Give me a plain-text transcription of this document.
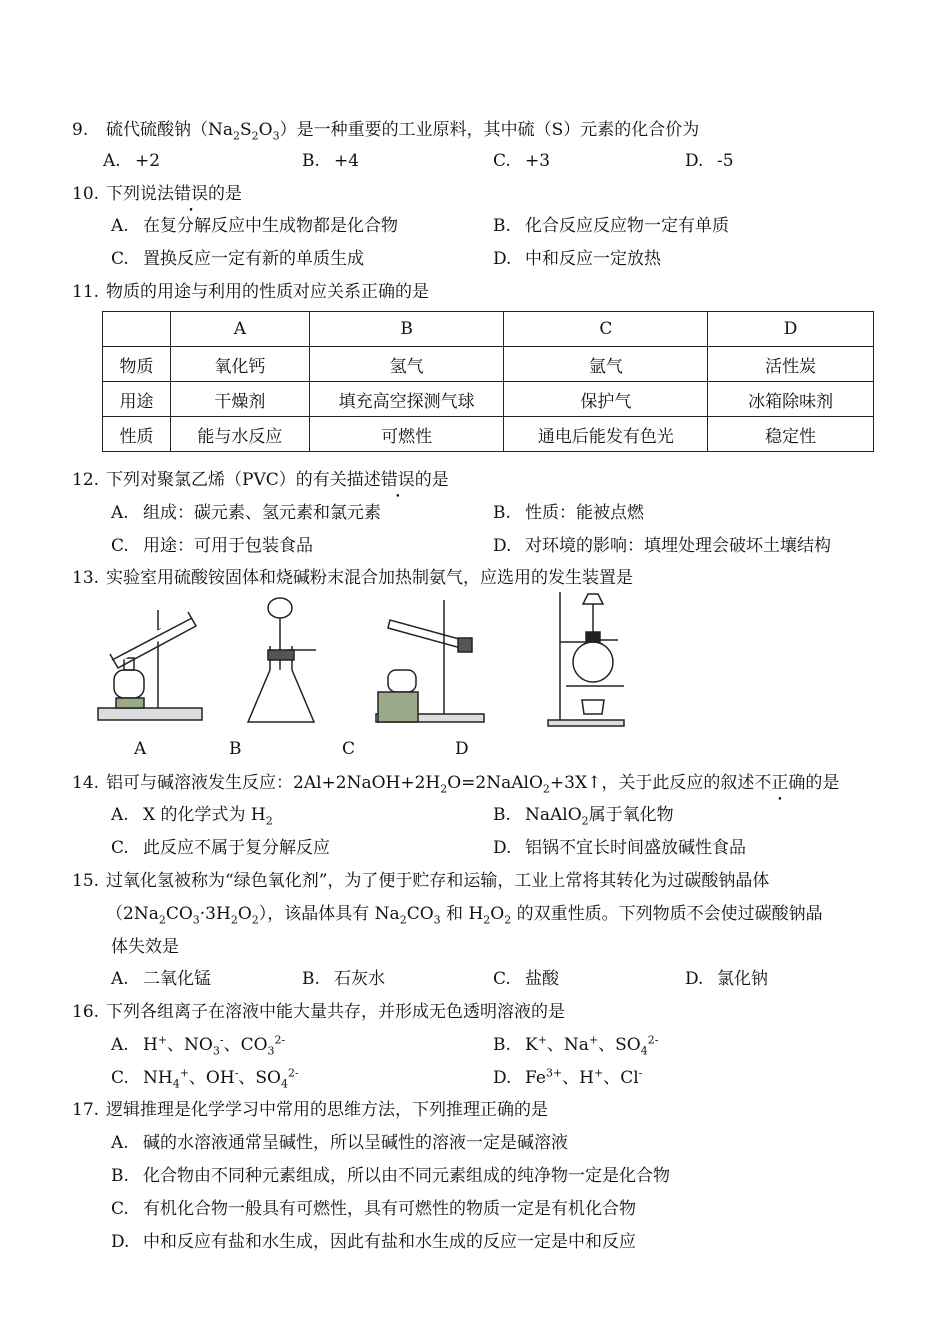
9. 硫代硫酸钠$(Na_2S_2O_3)$是一种重要的工业原料，其中硫（S）元素的化合价为
A. +2	B. +4	C. +3	D. -5
10. 下列说法错误的是
A. 在复分解反应中生成物都是化合物	B. 化合反应反应物一定有单质
C. 置换反应一定有新的单质生成	D. 中和反应一定放热
11. 物质的用途与利用的性质对应关系正确的是
	A	B	C	D
物质	氧化钙	氢气	氩气	活性炭
用途	干燥剂	填充高空探测气球	保护气	冰箱除味剂
性质	能与水反应	可燃性	通电后能发有色光	稳定性
12. 下列对聚氯乙烯（PVC）的有关描述错误的是
A. 组成：碳元素、氢元素和氯元素	B. 性质：能被点燃
C. 用途：可用于包装食品	D. 对环境的影响：填埋处理会破坏土壤结构
13. 实验室用硫酸铵固体和烧碱粉末混合加热制氨气，应选用的发生装置是
A	B	C	D
14. 铝可与碱溶液发生反应：$2Al+2NaOH+2H_2O=2NaAlO_2+3X↑$，关于此反应的叙述不正确的是
A. X 的化学式为 $H_2$	B. NaAlO$_2$属于氧化物
C. 此反应不属于复分解反应	D. 铝锅不宜长时间盛放碱性食品
15. 过氧化氢被称为“绿色氧化剂”，为了便于贮存和运输，工业上常将其转化为过碳酸钠晶体
$(2Na_2CO_3\cdot 3H_2O_2)$，该晶体具有 $Na_2CO_3$ 和 $H_2O_2$ 的双重性质。下列物质不会使过碳酸钠晶
体失效是
A. 二氧化锰	B. 石灰水	C. 盐酸	D. 氯化钠
16. 下列各组离子在溶液中能大量共存，并形成无色透明溶液的是
A. H+、$NO_3^-$、$CO_3^{2-}$	B. K+、Na+、$SO_4^{2-}$
C. $NH_4^+$、OH-、$SO_4^{2-}$	D. $Fe^{3+}$、H+、Cl-
17. 逻辑推理是化学学习中常用的思维方法，下列推理正确的是
A. 碱的水溶液通常呈碱性，所以呈碱性的溶液一定是碱溶液
B. 化合物由不同种元素组成，所以由不同元素组成的纯净物一定是化合物
C. 有机化合物一般具有可燃性，具有可燃性的物质一定是有机化合物
D. 中和反应有盐和水生成，因此有盐和水生成的反应一定是中和反应
